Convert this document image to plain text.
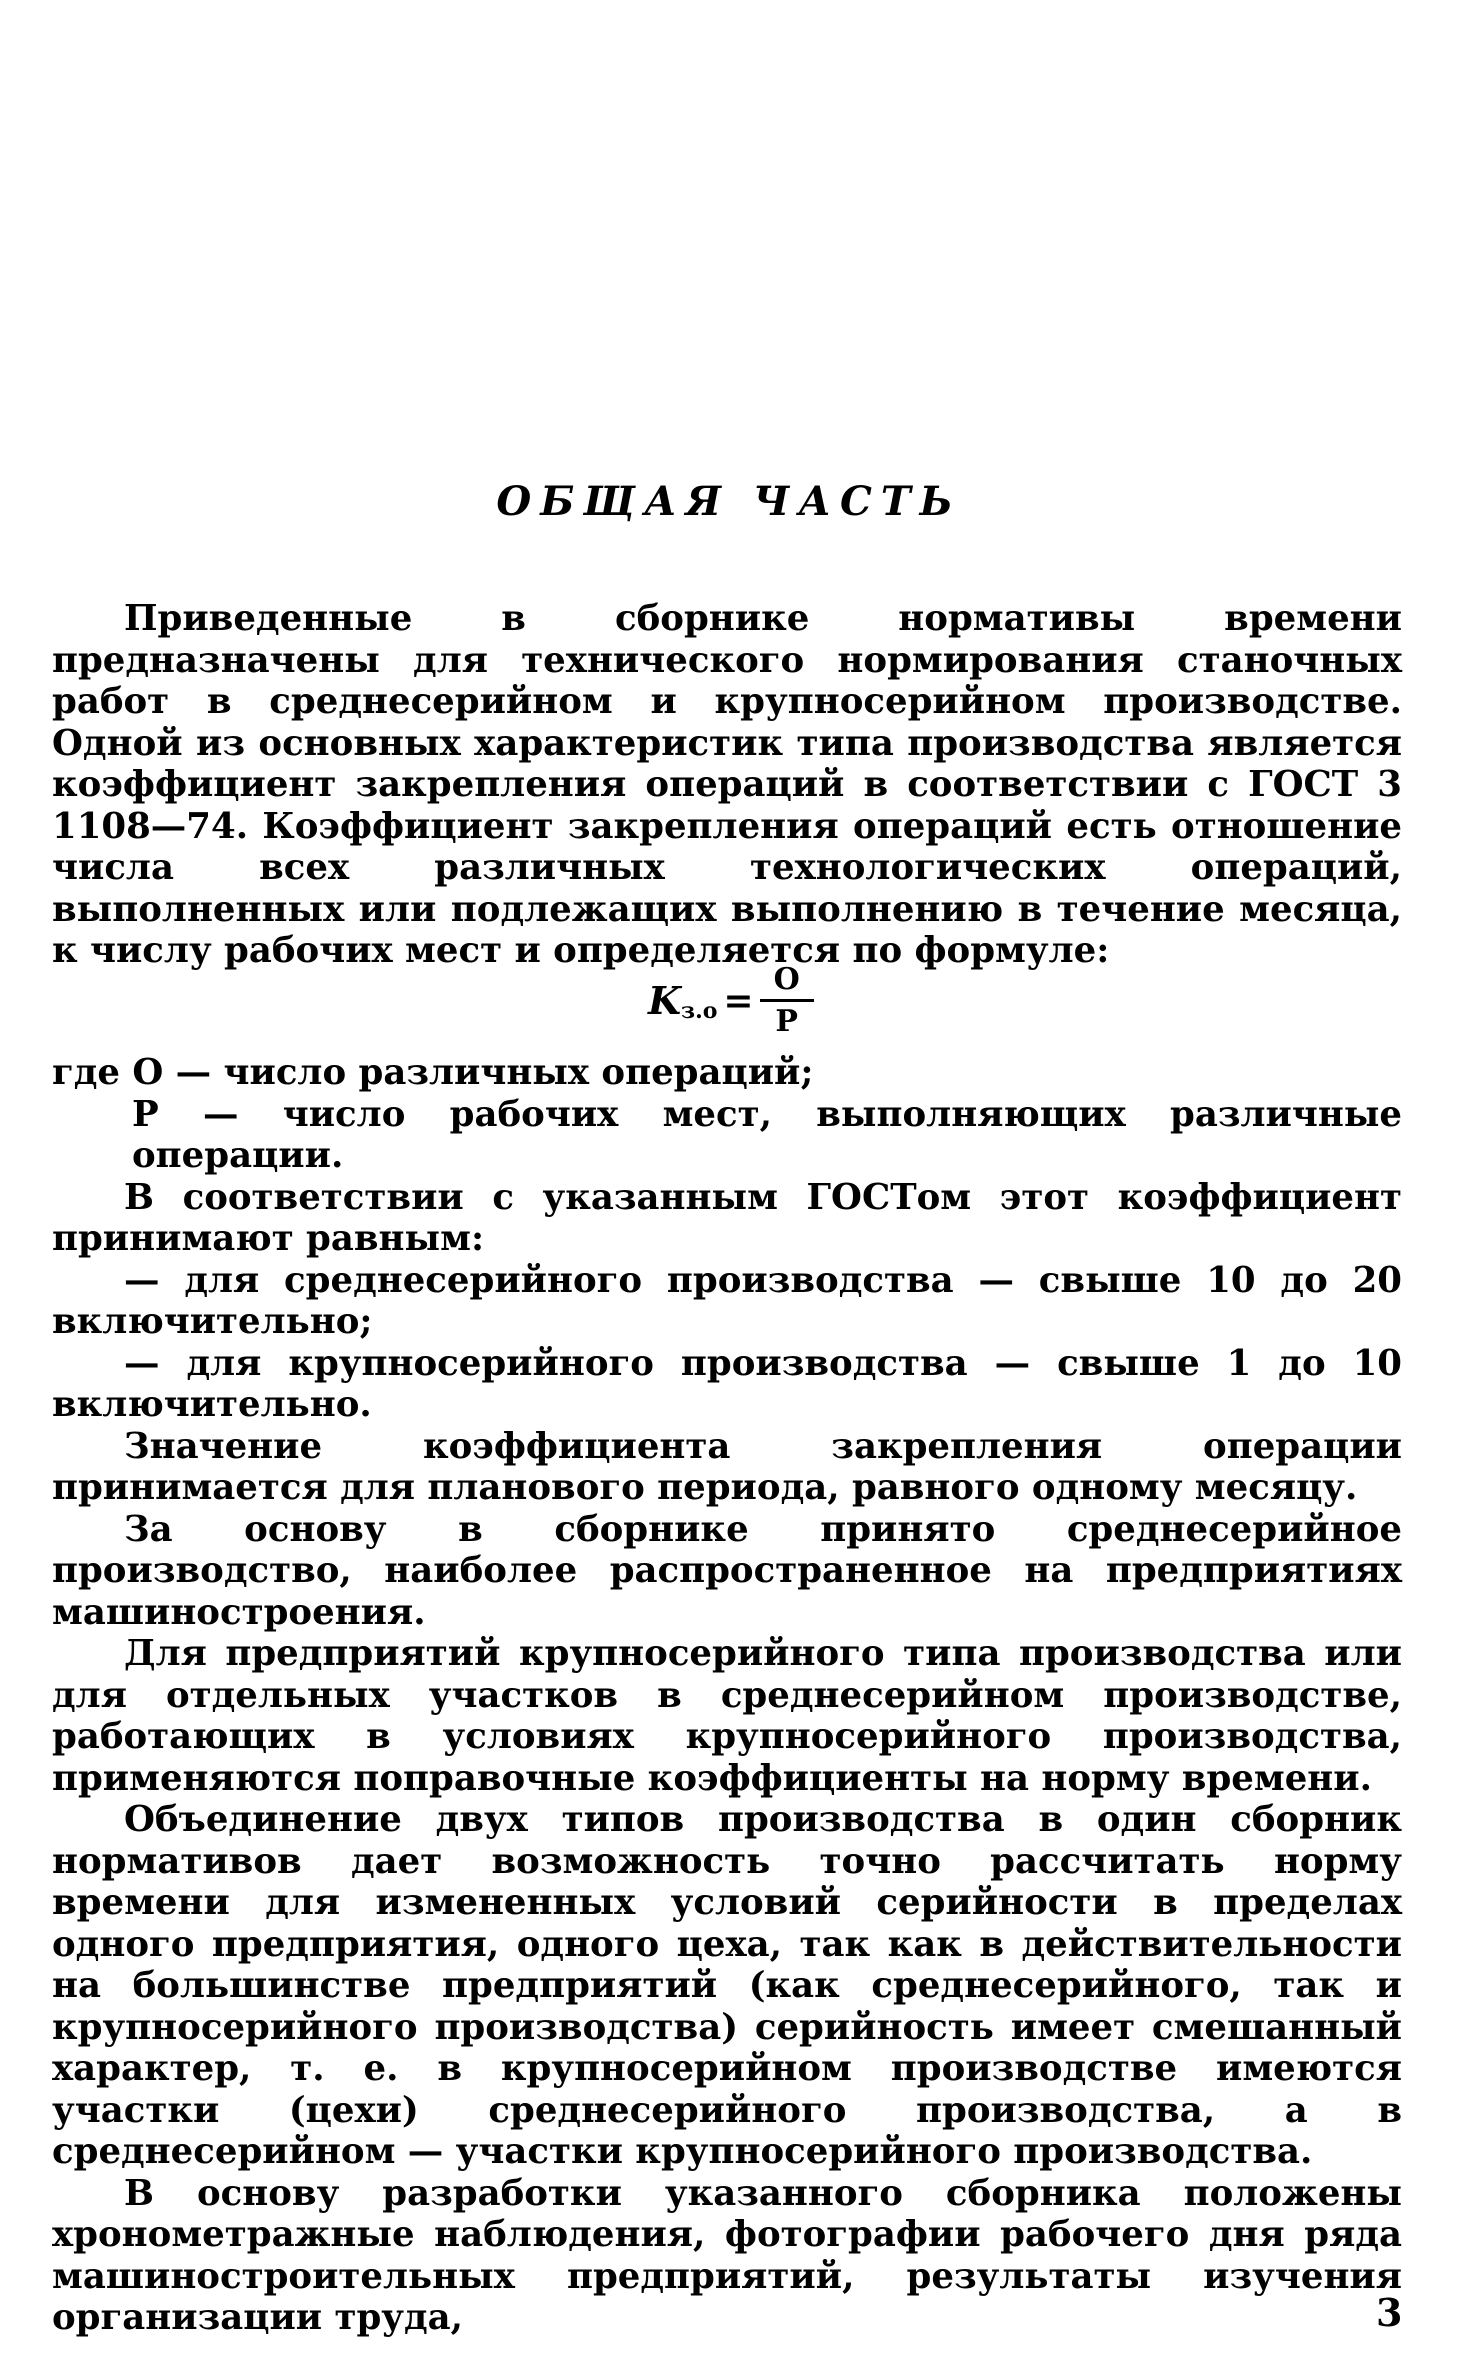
ОБЩАЯ ЧАСТЬ

Приведенные в сборнике нормативы времени предназначены для технического нормирования станочных работ в среднесерийном и крупносерийном производстве. Одной из основных характеристик типа производства является коэффициент закрепления операций в соответствии с ГОСТ 3 1108—74. Коэффициент закрепления операций есть отношение числа всех различных технологических операций, выполненных или подлежащих выполнению в течение месяца, к числу рабочих мест и определяется по формуле:

K $з.о = \frac{О}{Р}$

где О — число различных операций;

Р — число рабочих мест, выполняющих различные операции.

В соответствии с указанным ГОСТом этот коэффициент принимают равным:

— для среднесерийного производства — свыше 10 до 20 включительно;

— для крупносерийного производства — свыше 1 до 10 включительно.

Значение коэффициента закрепления операции принимается для планового периода, равного одному месяцу.

За основу в сборнике принято среднесерийное производство, наиболее распространенное на предприятиях машиностроения.

Для предприятий крупносерийного типа производства или для отдельных участков в среднесерийном производстве, работающих в условиях крупносерийного производства, применяются поправочные коэффициенты на норму времени.

Объединение двух типов производства в один сборник нормативов дает возможность точно рассчитать норму времени для измененных условий серийности в пределах одного предприятия, одного цеха, так как в действительности на большинстве предприятий (как среднесерийного, так и крупносерийного производства) серийность имеет смешанный характер, т. е. в крупносерийном производстве имеются участки (цехи) среднесерийного производства, а в среднесерийном — участки крупносерийного производства.

В основу разработки указанного сборника положены хронометражные наблюдения, фотографии рабочего дня ряда машиностроительных предприятий, результаты изучения организации труда,	3
